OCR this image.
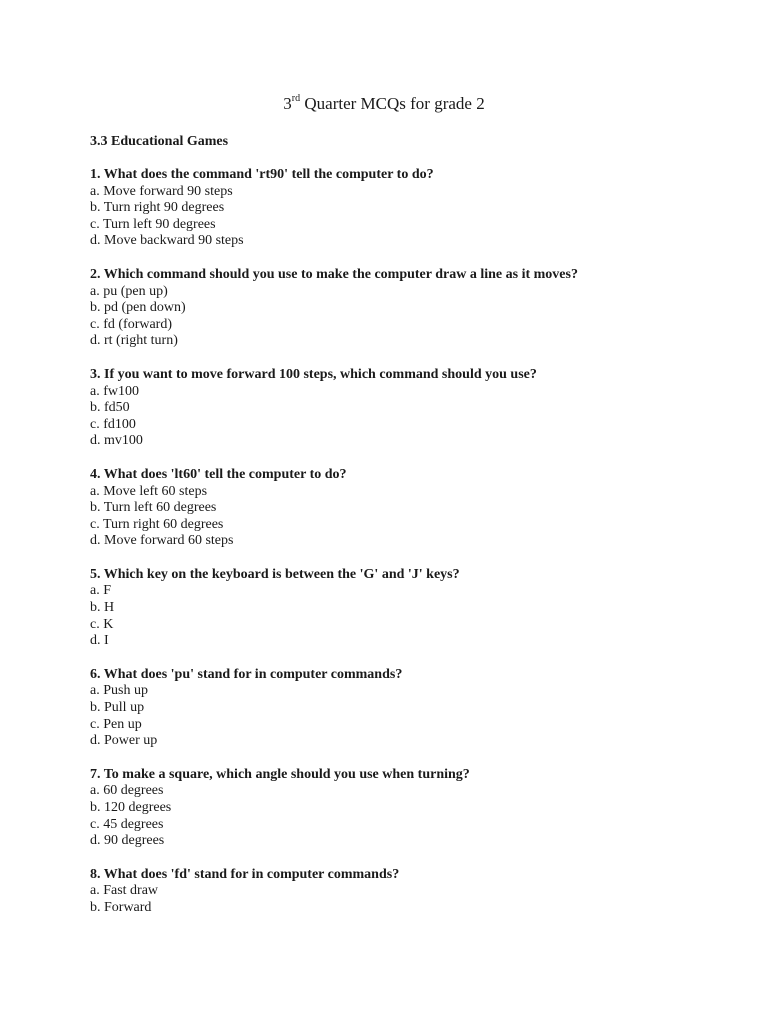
3rd Quarter MCQs for grade 2
3.3 Educational Games
1. What does the command 'rt90' tell the computer to do?
a. Move forward 90 steps
b. Turn right 90 degrees
c. Turn left 90 degrees
d. Move backward 90 steps
2. Which command should you use to make the computer draw a line as it moves?
a. pu (pen up)
b. pd (pen down)
c. fd (forward)
d. rt (right turn)
3. If you want to move forward 100 steps, which command should you use?
a. fw100
b. fd50
c. fd100
d. mv100
4. What does 'lt60' tell the computer to do?
a. Move left 60 steps
b. Turn left 60 degrees
c. Turn right 60 degrees
d. Move forward 60 steps
5. Which key on the keyboard is between the 'G' and 'J' keys?
a. F
b. H
c. K
d. I
6. What does 'pu' stand for in computer commands?
a. Push up
b. Pull up
c. Pen up
d. Power up
7. To make a square, which angle should you use when turning?
a. 60 degrees
b. 120 degrees
c. 45 degrees
d. 90 degrees
8. What does 'fd' stand for in computer commands?
a. Fast draw
b. Forward
